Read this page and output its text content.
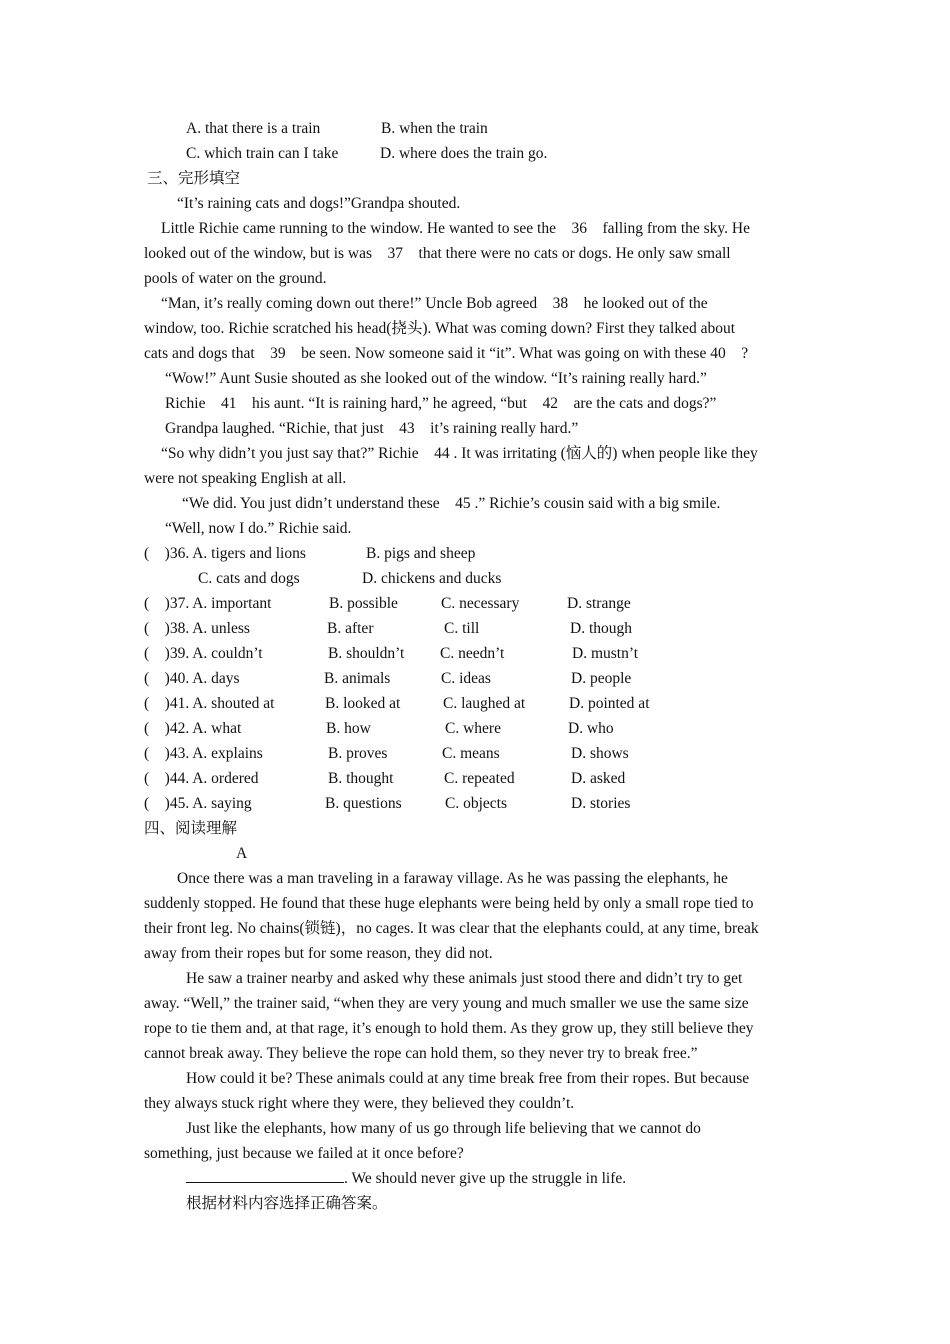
A. that there is a train	B. when the train
C. which train can I take	D. where does the train go.
三、完形填空
“It’s raining cats and dogs!”Grandpa shouted.
Little Richie came running to the window. He wanted to see the    36    falling from the sky. He
looked out of the window, but is was    37    that there were no cats or dogs. He only saw small
pools of water on the ground.
“Man, it’s really coming down out there!” Uncle Bob agreed    38    he looked out of the
window, too. Richie scratched his head(挠头). What was coming down? First they talked about
cats and dogs that    39    be seen. Now someone said it “it”. What was going on with these 40    ?
“Wow!” Aunt Susie shouted as she looked out of the window. “It’s raining really hard.”
Richie    41    his aunt. “It is raining hard,” he agreed, “but    42    are the cats and dogs?”
Grandpa laughed. “Richie, that just    43    it’s raining really hard.”
“So why didn’t you just say that?” Richie    44 . It was irritating (恼人的) when people like they
were not speaking English at all.
“We did. You just didn’t understand these    45 .” Richie’s cousin said with a big smile.
“Well, now I do.” Richie said.
(    )36. A. tigers and lions	B. pigs and sheep
C. cats and dogs	D. chickens and ducks
(    )37. A. important	B. possible	C. necessary	D. strange
(    )38. A. unless	B. after	C. till	D. though
(    )39. A. couldn’t	B. shouldn’t C. needn’t	D. mustn’t
(    )40. A. days	B. animals	C. ideas	D. people
(    )41. A. shouted at	B. looked at	C. laughed at	D. pointed at
(    )42. A. what	B. how	C. where	D. who
(    )43. A. explains	B. proves	C. means	D. shows
(    )44. A. ordered	B. thought	C. repeated	D. asked
(    )45. A. saying	B. questions	C. objects	D. stories
四、阅读理解
A
Once there was a man traveling in a faraway village. As he was passing the elephants, he
suddenly stopped. He found that these huge elephants were being held by only a small rope tied to
their front leg. No chains(锁链)，no cages. It was clear that the elephants could, at any time, break
away from their ropes but for some reason, they did not.
He saw a trainer nearby and asked why these animals just stood there and didn’t try to get
away. “Well,” the trainer said, “when they are very young and much smaller we use the same size
rope to tie them and, at that rage, it’s enough to hold them. As they grow up, they still believe they
cannot break away. They believe the rope can hold them, so they never try to break free.”
How could it be? These animals could at any time break free from their ropes. But because
they always stuck right where they were, they believed they couldn’t.
Just like the elephants, how many of us go through life believing that we cannot do
something, just because we failed at it once before?
. We should never give up the struggle in life.
根据材料内容选择正确答案。
